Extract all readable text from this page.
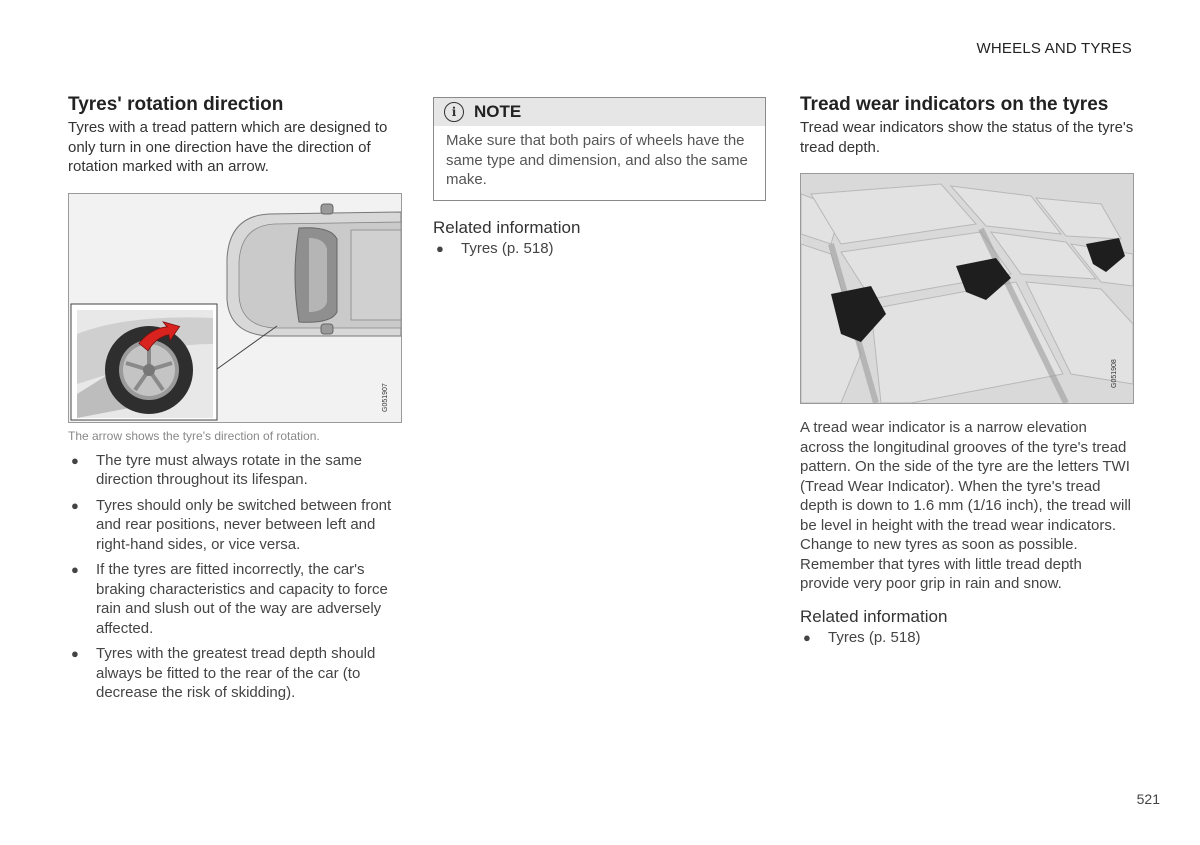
WHEELS AND TYRES
Tyres' rotation direction

Tyres with a tread pattern which are designed to only turn in one direction have the direction of rotation marked with an arrow.

G051907
The arrow shows the tyre's direction of rotation.
● The tyre must always rotate in the same direction throughout its lifespan.
● Tyres should only be switched between front and rear positions, never between left and right-hand sides, or vice versa.
● If the tyres are fitted incorrectly, the car's braking characteristics and capacity to force rain and slush out of the way are adversely affected.
● Tyres with the greatest tread depth should always be fitted to the rear of the car (to decrease the risk of skidding).
i	NOTE
Make sure that both pairs of wheels have the same type and dimension, and also the same make.
Related information
● Tyres (p. 518)
Tread wear indicators on the tyres

Tread wear indicators show the status of the tyre's tread depth.

G051908

A tread wear indicator is a narrow elevation across the longitudinal grooves of the tyre's tread pattern. On the side of the tyre are the letters TWI (Tread Wear Indicator). When the tyre's tread depth is down to 1.6 mm (1/16 inch), the tread will be level in height with the tread wear indicators. Change to new tyres as soon as possible. Remember that tyres with little tread depth provide very poor grip in rain and snow.

Related information
● Tyres (p. 518)
521
